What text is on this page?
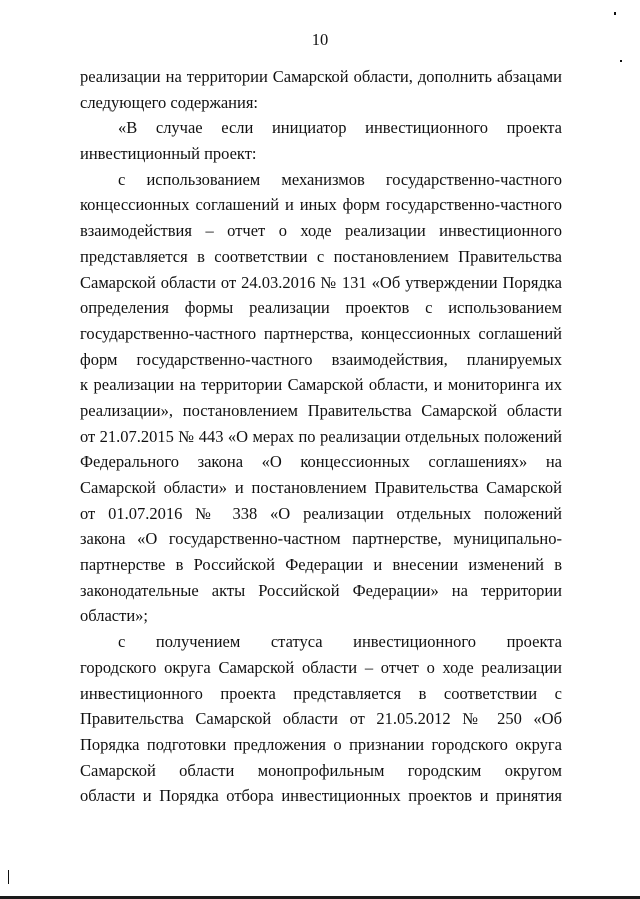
10
реализации на территории Самарской области, дополнить абзацами
следующего содержания:
«В случае если инициатор инвестиционного проекта
инвестиционный проект:
с использованием механизмов государственно-частного
концессионных соглашений и иных форм государственно-частного
взаимодействия – отчет о ходе реализации инвестиционного
представляется в соответствии с постановлением Правительства
Самарской области от 24.03.2016 № 131 «Об утверждении Порядка
определения формы реализации проектов с использованием
государственно-частного партнерства, концессионных соглашений
форм государственно-частного взаимодействия, планируемых
к реализации на территории Самарской области, и мониторинга их
реализации», постановлением Правительства Самарской области
от 21.07.2015 № 443 «О мерах по реализации отдельных положений
Федерального закона «О концессионных соглашениях» на
Самарской области» и постановлением Правительства Самарской
от 01.07.2016 № 338 «О реализации отдельных положений
закона «О государственно-частном партнерстве, муниципально-
партнерстве в Российской Федерации и внесении изменений в
законодательные акты Российской Федерации» на территории
области»;
с получением статуса инвестиционного проекта
городского округа Самарской области – отчет о ходе реализации
инвестиционного проекта представляется в соответствии с
Правительства Самарской области от 21.05.2012 № 250 «Об
Порядка подготовки предложения о признании городского округа
Самарской области монопрофильным городским округом
области и Порядка отбора инвестиционных проектов и принятия
